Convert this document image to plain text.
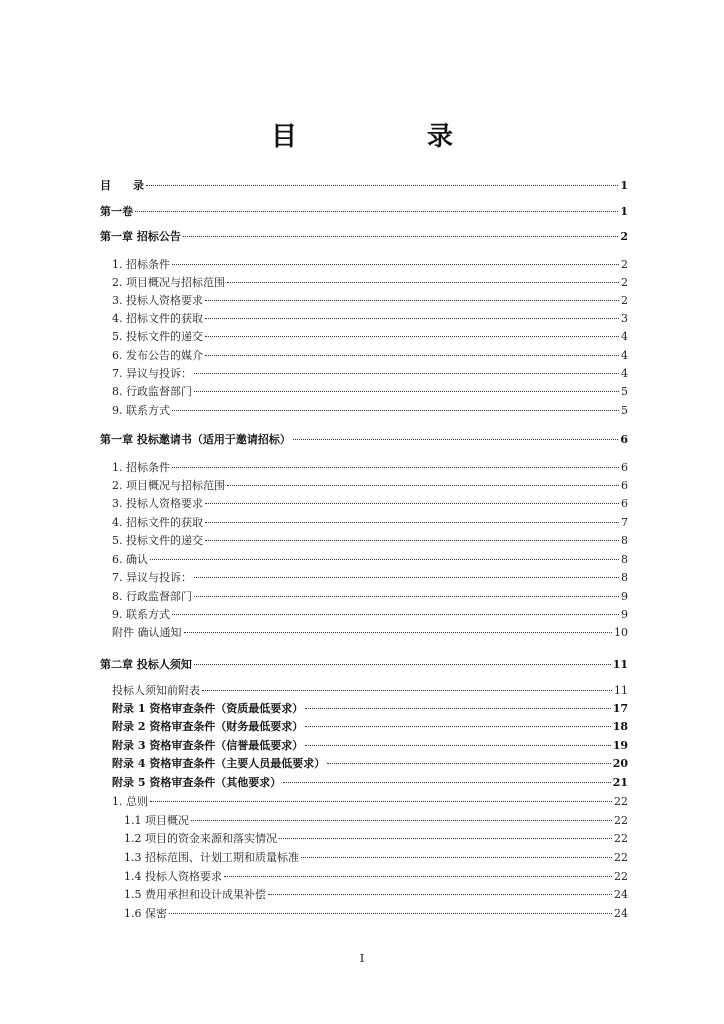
目　录
目　　录	1
第一卷	1
第一章 招标公告	2
1. 招标条件	2
2. 项目概况与招标范围	2
3. 投标人资格要求	2
4. 招标文件的获取	3
5. 投标文件的递交	4
6. 发布公告的媒介	4
7. 异议与投诉：	4
8. 行政监督部门	5
9. 联系方式	5
第一章 投标邀请书（适用于邀请招标）	6
1. 招标条件	6
2. 项目概况与招标范围	6
3. 投标人资格要求	6
4. 招标文件的获取	7
5. 投标文件的递交	8
6. 确认	8
7. 异议与投诉：	8
8. 行政监督部门	9
9. 联系方式	9
附件 确认通知	10
第二章 投标人须知	11
投标人须知前附表	11
附录 1 资格审查条件（资质最低要求）	17
附录 2 资格审查条件（财务最低要求）	18
附录 3 资格审查条件（信誉最低要求）	19
附录 4 资格审查条件（主要人员最低要求）	20
附录 5 资格审查条件（其他要求）	21
1. 总则	22
1.1 项目概况	22
1.2 项目的资金来源和落实情况	22
1.3 招标范围、计划工期和质量标准	22
1.4 投标人资格要求	22
1.5 费用承担和设计成果补偿	24
1.6 保密	24
I
